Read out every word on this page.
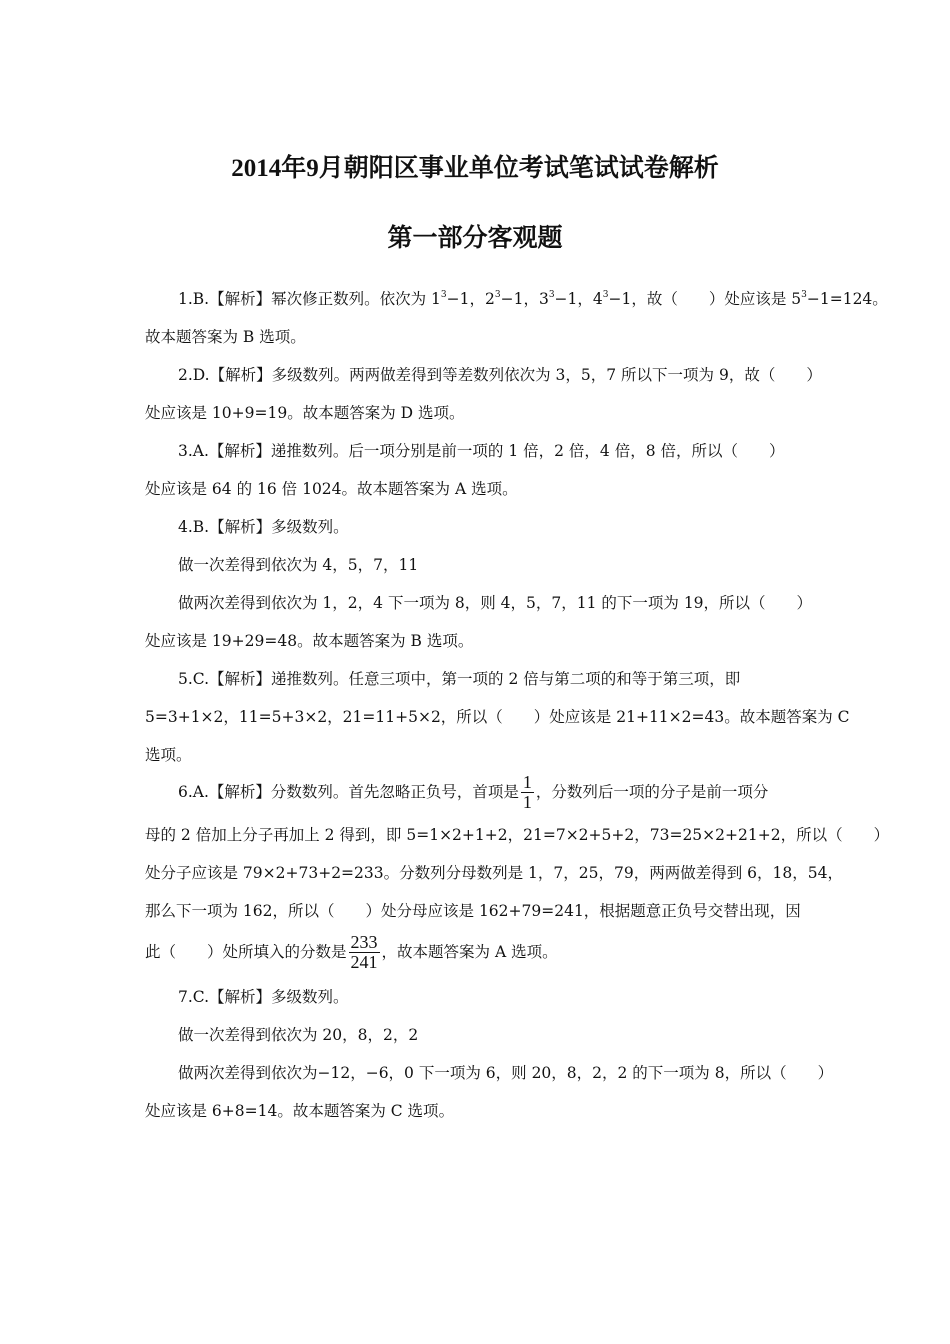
2014年9月朝阳区事业单位考试笔试试卷解析
第一部分客观题
1.B.【解析】幂次修正数列。依次为 $1^3-1$，$2^3-1$，$3^3-1$，$4^3-1$，故（　　）处应该是 $5^3-1=124$。
故本题答案为 B 选项。
2.D.【解析】多级数列。两两做差得到等差数列依次为 3，5，7 所以下一项为 9，故（　　）
处应该是 10+9=19。故本题答案为 D 选项。
3.A.【解析】递推数列。后一项分别是前一项的 1 倍，2 倍，4 倍，8 倍，所以（　　）
处应该是 64 的 16 倍 1024。故本题答案为 A 选项。
4.B.【解析】多级数列。
做一次差得到依次为 4，5，7，11
做两次差得到依次为 1，2，4 下一项为 8，则 4，5，7，11 的下一项为 19，所以（　　）
处应该是 19+29=48。故本题答案为 B 选项。
5.C.【解析】递推数列。任意三项中，第一项的 2 倍与第二项的和等于第三项，即
5=3+1×2，11=5+3×2，21=11+5×2，所以（　　）处应该是 21+11×2=43。故本题答案为 C
选项。
6.A.【解析】分数数列。首先忽略正负号，首项是 $\frac{1}{1}$ ，分数列后一项的分子是前一项分
母的 2 倍加上分子再加上 2 得到，即 5=1×2+1+2，21=7×2+5+2，73=25×2+21+2，所以（　　）
处分子应该是 79×2+73+2=233。分数列分母数列是 1，7，25，79，两两做差得到 6，18，54，
那么下一项为 162，所以（　　）处分母应该是 162+79=241，根据题意正负号交替出现，因
此（　　）处所填入的分数是 $\frac{233}{241}$ ，故本题答案为 A 选项。
7.C.【解析】多级数列。
做一次差得到依次为 20，8，2，2
做两次差得到依次为−12，−6，0 下一项为 6，则 20，8，2，2 的下一项为 8，所以（　　）
处应该是 6+8=14。故本题答案为 C 选项。
